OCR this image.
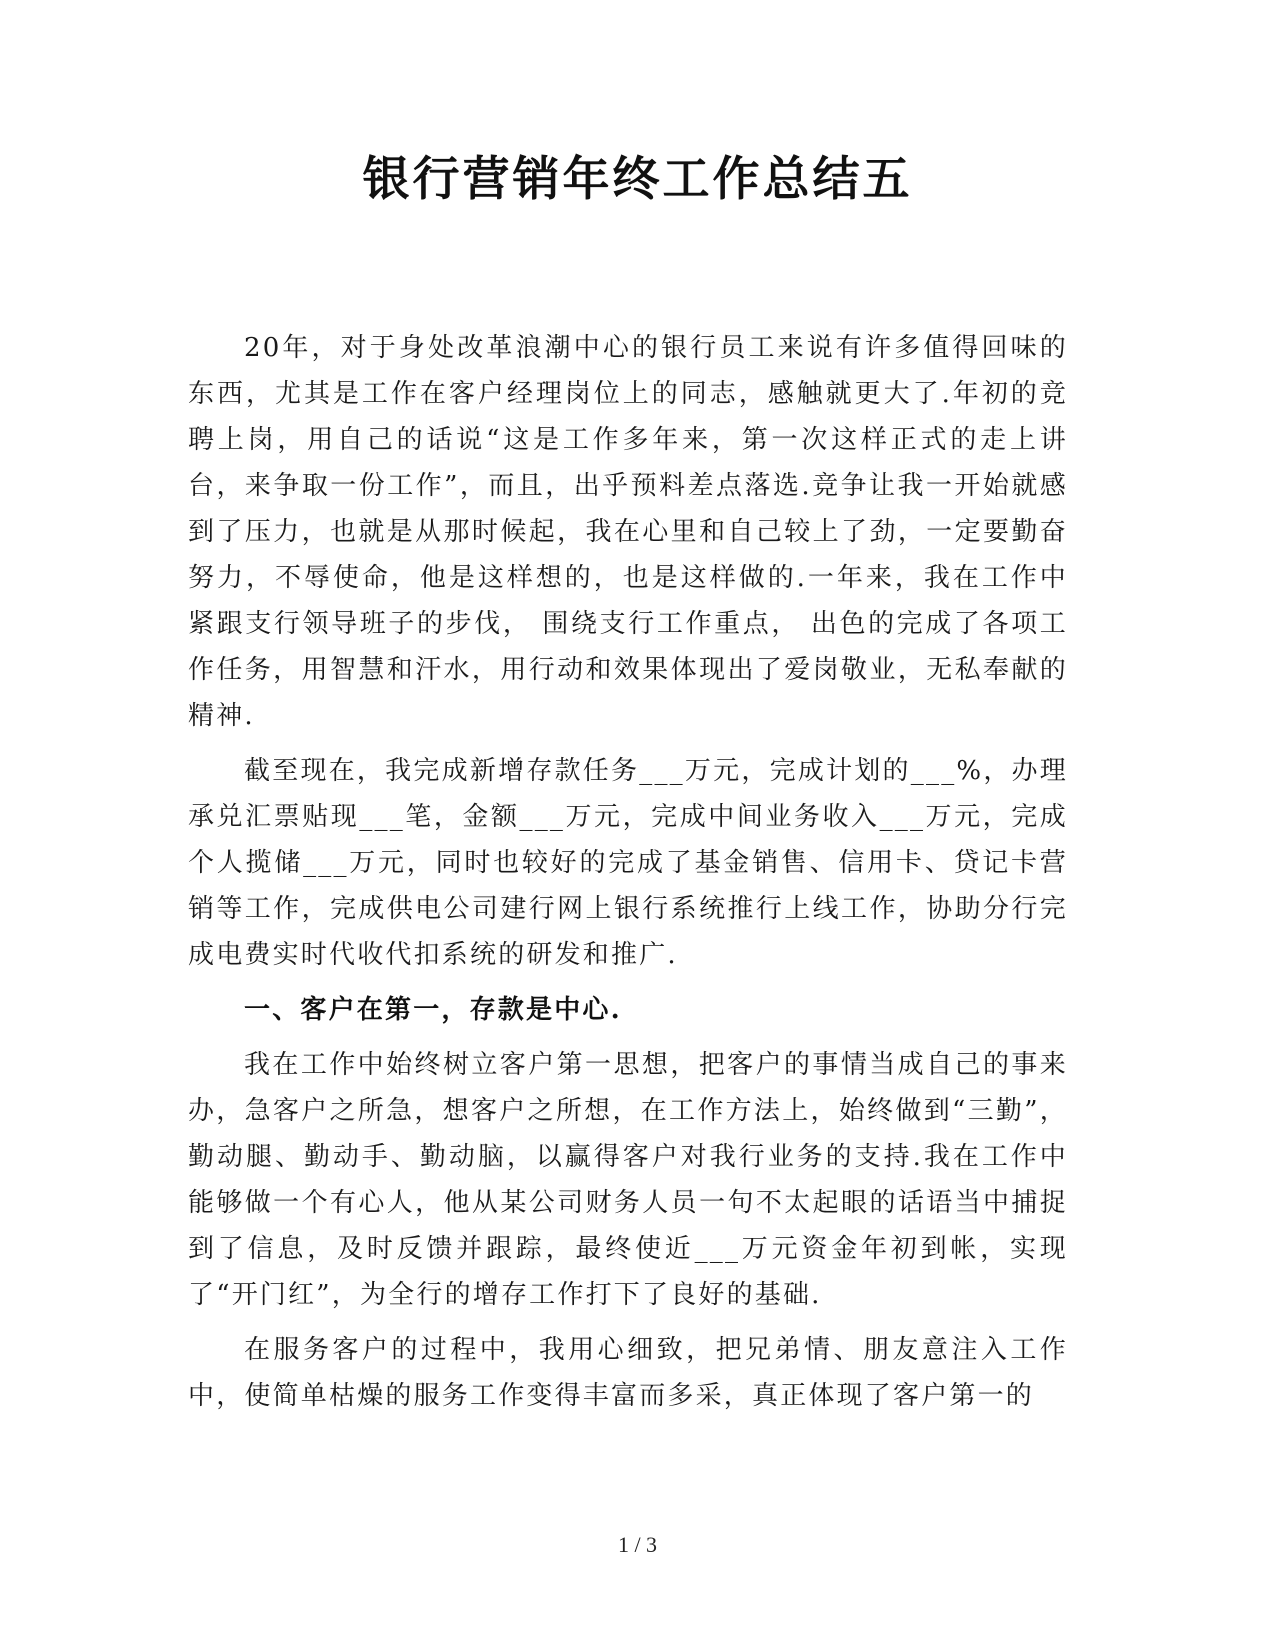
银行营销年终工作总结五

20年，对于身处改革浪潮中心的银行员工来说有许多值得回味的东西，尤其是工作在客户经理岗位上的同志，感触就更大了.年初的竞聘上岗，用自己的话说“这是工作多年来，第一次这样正式的走上讲台，来争取一份工作”，而且，出乎预料差点落选.竞争让我一开始就感到了压力，也就是从那时候起，我在心里和自己较上了劲，一定要勤奋努力，不辱使命，他是这样想的，也是这样做的.一年来，我在工作中紧跟支行领导班子的步伐， 围绕支行工作重点， 出色的完成了各项工作任务，用智慧和汗水，用行动和效果体现出了爱岗敬业，无私奉献的精神.

截至现在，我完成新增存款任务___万元，完成计划的___%，办理承兑汇票贴现___笔，金额___万元，完成中间业务收入___万元，完成个人揽储___万元，同时也较好的完成了基金销售、信用卡、贷记卡营销等工作，完成供电公司建行网上银行系统推行上线工作，协助分行完成电费实时代收代扣系统的研发和推广.

一、客户在第一，存款是中心.

我在工作中始终树立客户第一思想，把客户的事情当成自己的事来办，急客户之所急，想客户之所想，在工作方法上，始终做到“三勤”，勤动腿、勤动手、勤动脑，以赢得客户对我行业务的支持.我在工作中能够做一个有心人，他从某公司财务人员一句不太起眼的话语当中捕捉到了信息，及时反馈并跟踪，最终使近___万元资金年初到帐，实现了“开门红”，为全行的增存工作打下了良好的基础.

在服务客户的过程中，我用心细致，把兄弟情、朋友意注入工作中，使简单枯燥的服务工作变得丰富而多采，真正体现了客户第一的

1 / 3
